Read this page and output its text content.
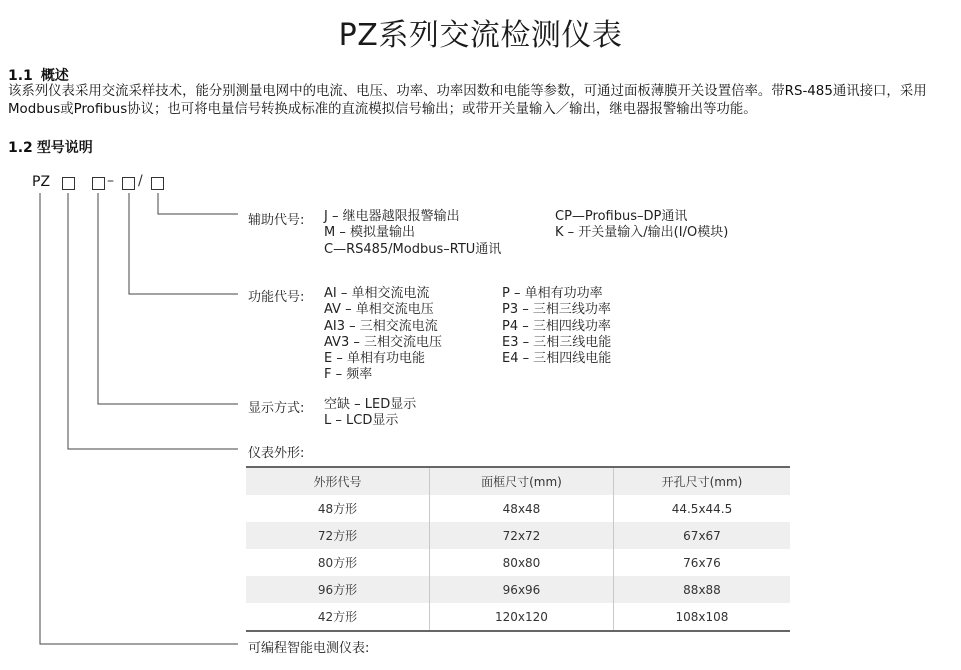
PZ系列交流检测仪表
1.1 概述
该系列仪表采用交流采样技术，能分别测量电网中的电流、电压、功率、功率因数和电能等参数，可通过面板薄膜开关设置倍率。带RS-485通讯接口，采用Modbus或Profibus协议；也可将电量信号转换成标准的直流模拟信号输出；或带开关量输入／输出，继电器报警输出等功能。
1.2 型号说明
PZ	– /
辅助代号: J – 继电器越限报警输出
M – 模拟量输出
C—RS485/Modbus–RTU通讯
CP—Profibus–DP通讯
K – 开关量输入/输出(I/O模块)
功能代号: AI – 单相交流电流
AV – 单相交流电压
AI3 – 三相交流电流
AV3 – 三相交流电压
E – 单相有功电能
F – 频率
P – 单相有功功率
P3 – 三相三线功率
P4 – 三相四线功率
E3 – 三相三线电能
E4 – 三相四线电能
显示方式: 空缺 – LED显示
L – LCD显示
仪表外形:
外形代号	面框尺寸(mm)	开孔尺寸(mm)
48方形	48x48	44.5x44.5
72方形	72x72	67x67
80方形	80x80	76x76
96方形	96x96	88x88
42方形	120x120	108x108
可编程智能电测仪表:
